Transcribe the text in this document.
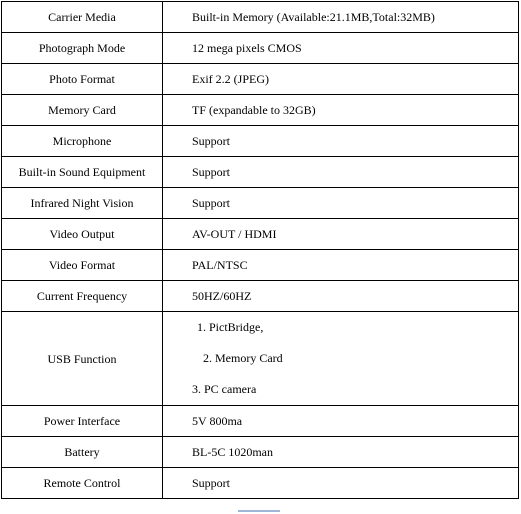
Carrier Media	Built-in Memory (Available:21.1MB,Total:32MB)
Photograph Mode	12 mega pixels CMOS
Photo Format	Exif 2.2 (JPEG)
Memory Card	TF (expandable to 32GB)
Microphone	Support
Built-in Sound Equipment	Support
Infrared Night Vision	Support
Video Output	AV-OUT / HDMI
Video Format	PAL/NTSC
Current Frequency	50HZ/60HZ
USB Function	1. PictBridge,
2. Memory Card
3. PC camera

Power Interface	5V 800ma
Battery	BL-5C 1020man
Remote Control	Support
